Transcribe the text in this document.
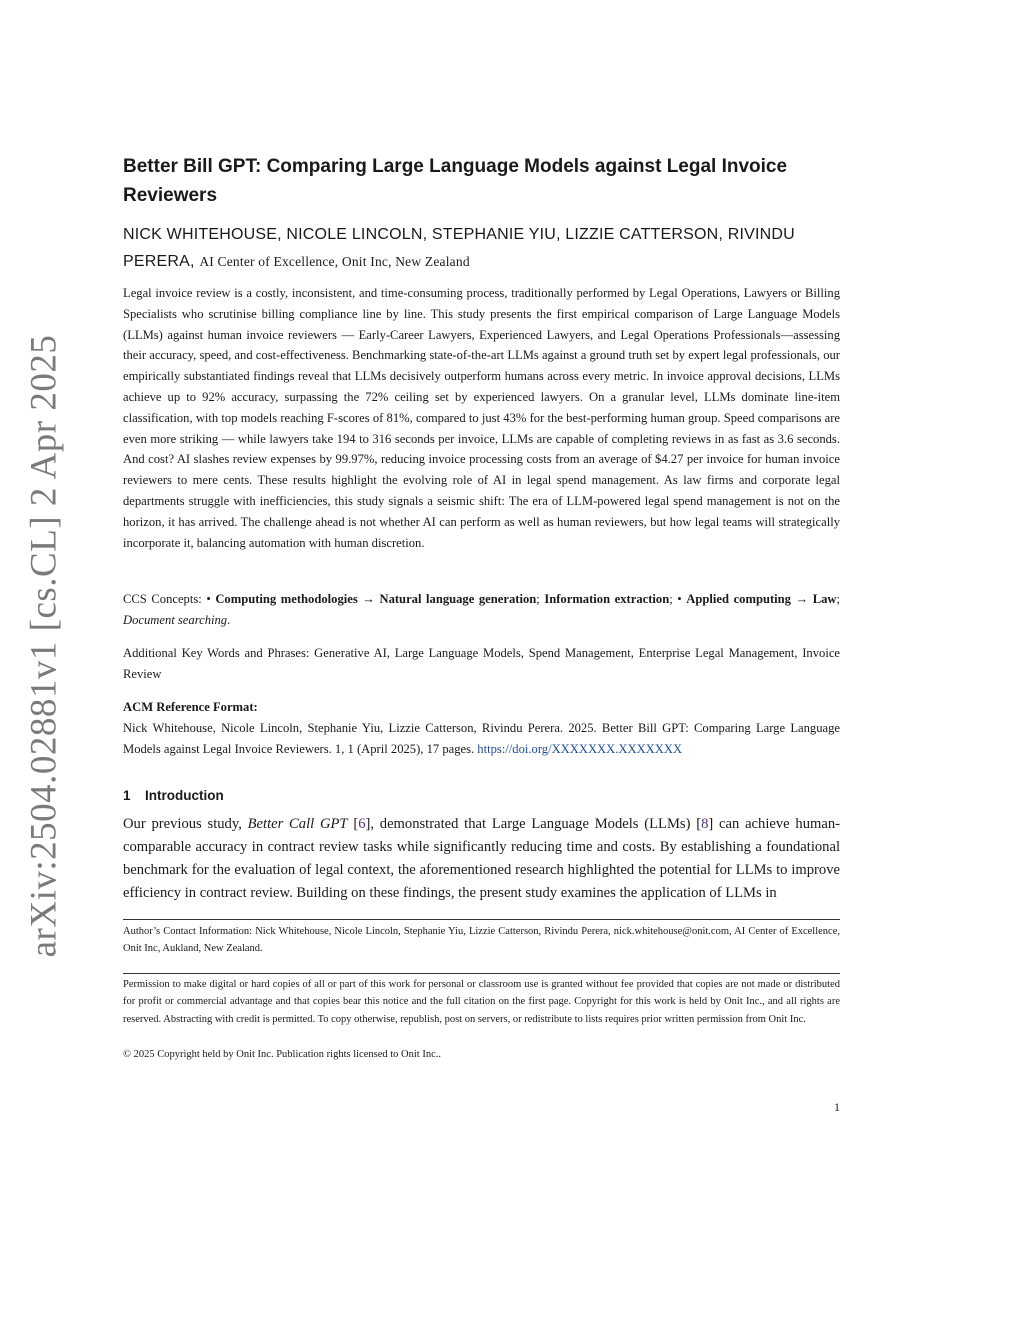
arXiv:2504.02881v1 [cs.CL] 2 Apr 2025
Better Bill GPT: Comparing Large Language Models against Legal Invoice Reviewers
NICK WHITEHOUSE, NICOLE LINCOLN, STEPHANIE YIU, LIZZIE CATTERSON, RIVINDU PERERA, AI Center of Excellence, Onit Inc, New Zealand

Legal invoice review is a costly, inconsistent, and time-consuming process, traditionally performed by Legal Operations, Lawyers or Billing Specialists who scrutinise billing compliance line by line. This study presents the first empirical comparison of Large Language Models (LLMs) against human invoice reviewers — Early-Career Lawyers, Experienced Lawyers, and Legal Operations Professionals—assessing their accuracy, speed, and cost-effectiveness. Benchmarking state-of-the-art LLMs against a ground truth set by expert legal professionals, our empirically substantiated findings reveal that LLMs decisively outperform humans across every metric. In invoice approval decisions, LLMs achieve up to 92% accuracy, surpassing the 72% ceiling set by experienced lawyers. On a granular level, LLMs dominate line-item classification, with top models reaching F-scores of 81%, compared to just 43% for the best-performing human group. Speed comparisons are even more striking — while lawyers take 194 to 316 seconds per invoice, LLMs are capable of completing reviews in as fast as 3.6 seconds. And cost? AI slashes review expenses by 99.97%, reducing invoice processing costs from an average of $4.27 per invoice for human invoice reviewers to mere cents. These results highlight the evolving role of AI in legal spend management. As law firms and corporate legal departments struggle with inefficiencies, this study signals a seismic shift: The era of LLM-powered legal spend management is not on the horizon, it has arrived. The challenge ahead is not whether AI can perform as well as human reviewers, but how legal teams will strategically incorporate it, balancing automation with human discretion.

CCS Concepts: • Computing methodologies → Natural language generation; Information extraction; • Applied computing → Law; Document searching.

Additional Key Words and Phrases: Generative AI, Large Language Models, Spend Management, Enterprise Legal Management, Invoice Review

ACM Reference Format:
Nick Whitehouse, Nicole Lincoln, Stephanie Yiu, Lizzie Catterson, Rivindu Perera. 2025. Better Bill GPT: Comparing Large Language Models against Legal Invoice Reviewers. 1, 1 (April 2025), 17 pages. https://doi.org/XXXXXXX.XXXXXXX

1 Introduction

Our previous study, Better Call GPT [6], demonstrated that Large Language Models (LLMs) [8] can achieve human-comparable accuracy in contract review tasks while significantly reducing time and costs. By establishing a foundational benchmark for the evaluation of legal context, the aforementioned research highlighted the potential for LLMs to improve efficiency in contract review. Building on these findings, the present study examines the application of LLMs in

Author’s Contact Information: Nick Whitehouse, Nicole Lincoln, Stephanie Yiu, Lizzie Catterson, Rivindu Perera, nick.whitehouse@onit.com, AI Center of Excellence, Onit Inc, Aukland, New Zealand.

Permission to make digital or hard copies of all or part of this work for personal or classroom use is granted without fee provided that copies are not made or distributed for profit or commercial advantage and that copies bear this notice and the full citation on the first page. Copyright for this work is held by Onit Inc., and all rights are reserved. Abstracting with credit is permitted. To copy otherwise, republish, post on servers, or redistribute to lists requires prior written permission from Onit Inc.

© 2025 Copyright held by Onit Inc. Publication rights licensed to Onit Inc..

1
